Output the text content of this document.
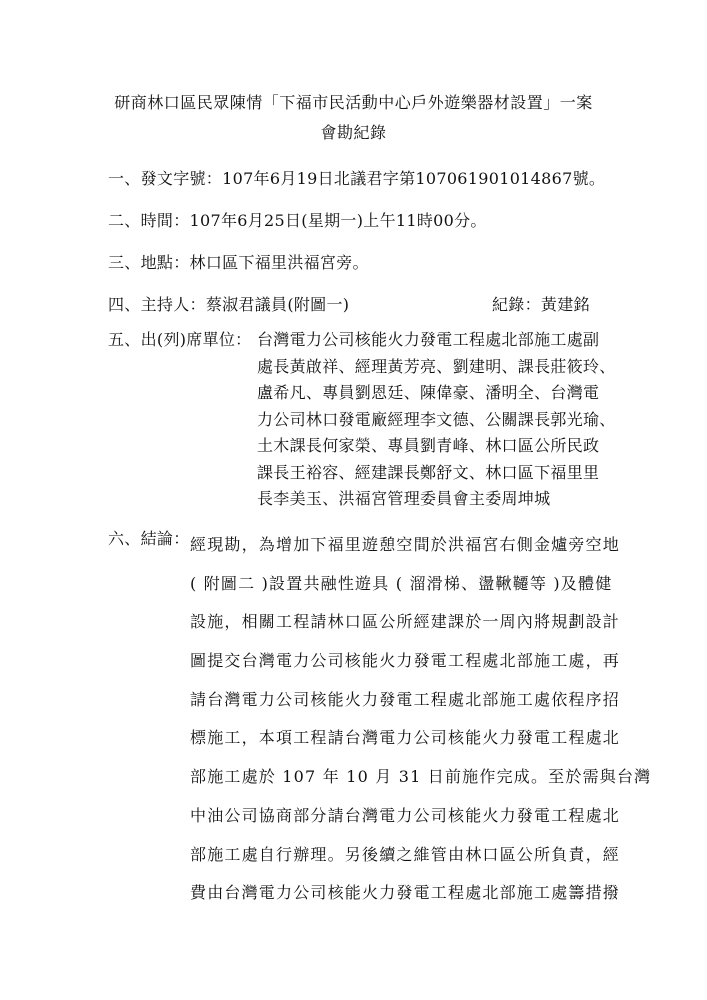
研商林口區民眾陳情「下福市民活動中心戶外遊樂器材設置」一案
會勘紀錄
一、發文字號：107年6月19日北議君字第107061901014867號。
二、時間：107年6月25日(星期一)上午11時00分。
三、地點：林口區下福里洪福宮旁。
四、主持人：蔡淑君議員(附圖一)	紀錄：黃建銘
五、出(列)席單位： 台灣電力公司核能火力發電工程處北部施工處副
處長黃啟祥、經理黃芳亮、劉建明、課長莊筱玲、
盧希凡、專員劉恩廷、陳偉豪、潘明全、台灣電
力公司林口發電廠經理李文德、公關課長郭光瑜、
土木課長何家榮、專員劉青峰、林口區公所民政
課長王裕容、經建課長鄭舒文、林口區下福里里
長李美玉、洪福宮管理委員會主委周坤城
六、結論： 經現勘，為增加下福里遊憩空間於洪福宮右側金爐旁空地
( 附圖二 )設置共融性遊具 ( 溜滑梯、盪鞦韆等 )及體健
設施，相關工程請林口區公所經建課於一周內將規劃設計
圖提交台灣電力公司核能火力發電工程處北部施工處，再
請台灣電力公司核能火力發電工程處北部施工處依程序招
標施工，本項工程請台灣電力公司核能火力發電工程處北
部施工處於 107 年 10 月 31 日前施作完成。至於需與台灣
中油公司協商部分請台灣電力公司核能火力發電工程處北
部施工處自行辦理。另後續之維管由林口區公所負責，經
費由台灣電力公司核能火力發電工程處北部施工處籌措撥
